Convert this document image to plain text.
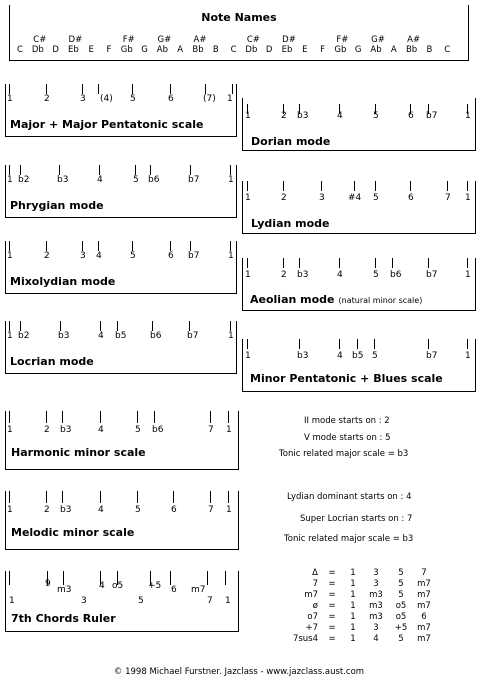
Note Names
C	Db	D	Eb	E	F	Gb	G	Ab	A	Bb	B	C	Db	D	Eb	E	F	Gb	G	Ab	A	Bb	B	C
C#	D#	F#	G#	A#	C#	D#	F#	G#	A#
1	2	3 (4) 5	6	(7) 1
Major + Major Pentatonic scale
1	2 b3	4	5	6 b7	1
Dorian mode
1 b2	b3	4	5 b6	b7	1
Phrygian mode
1	2	3	#4 5	6	7 1
Lydian mode
1	2	3 4	5	6 b7	1
Mixolydian mode	1	2 b3	4	5 b6	b7	1
Aeolian mode (natural minor scale)
1 b2	b3	4 b5	b6	b7	1
Locrian mode	1	b3	4 b5 5	b7	1
Minor Pentatonic + Blues scale
1	2 b3	4	5 b6	7 1
Harmonic minor scale
1	2 b3	4	5	6	7 1
Melodic minor scale
9
m3	4 o5	+5 6 m7
1	3	5	7 1
7th Chords Ruler
II mode starts on : 2
V mode starts on : 5
Tonic related major scale = b3
Lydian dominant starts on : 4
Super Locrian starts on : 7
Tonic related major scale = b3
Δ	=	1	3	5	7
7	=	1	3	5	m7
m7	=	1	m3	5	m7
ø	=	1	m3	o5	m7
o7	=	1	m3	o5	6
+7	=	1	3	+5	m7
7sus4	=	1	4	5	m7
© 1998 Michael Furstner. Jazclass - www.jazclass.aust.com
